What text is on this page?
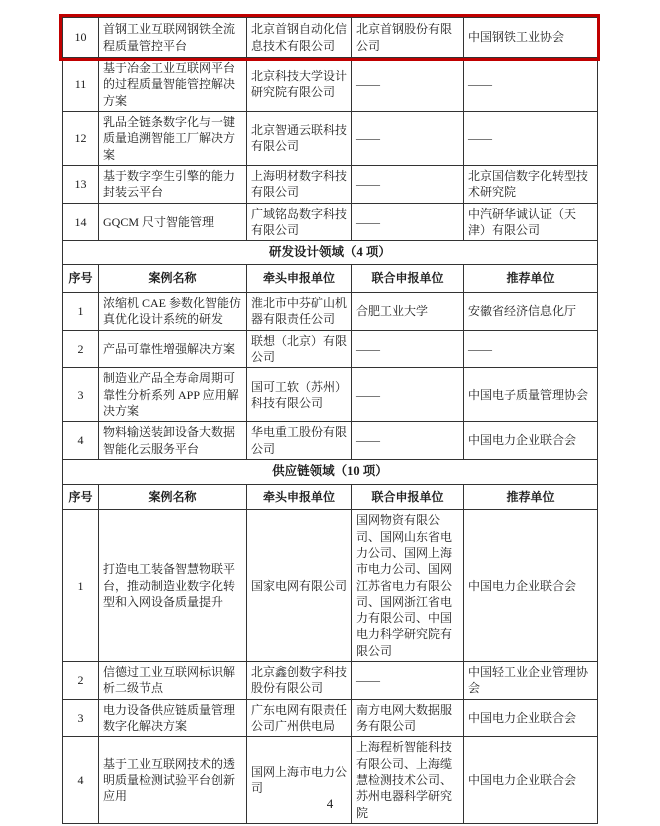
10	首钢工业互联网钢铁全流程质量管控平台	北京首钢自动化信息技术有限公司	北京首钢股份有限公司	中国钢铁工业协会
11	基于冶金工业互联网平台的过程质量智能管控解决方案	北京科技大学设计研究院有限公司	——	——
12	乳品全链条数字化与一键质量追溯智能工厂解决方案	北京智通云联科技有限公司	——	——
13	基于数字孪生引擎的能力封装云平台	上海明材数字科技有限公司	——	北京国信数字化转型技术研究院
14	GQCM 尺寸智能管理	广域铭岛数字科技有限公司	——	中汽研华诚认证（天津）有限公司
研发设计领域（4 项）				
序号	案例名称	牵头申报单位	联合申报单位	推荐单位
1	浓缩机 CAE 参数化智能仿真优化设计系统的研发	淮北市中芬矿山机器有限责任公司	合肥工业大学	安徽省经济信息化厅
2	产品可靠性增强解决方案	联想（北京）有限公司	——	——
3	制造业产品全寿命周期可靠性分析系列 APP 应用解决方案	国可工软（苏州）科技有限公司	——	中国电子质量管理协会
4	物料输送装卸设备大数据智能化云服务平台	华电重工股份有限公司	——	中国电力企业联合会
供应链领域（10 项）				
序号	案例名称	牵头申报单位	联合申报单位	推荐单位
1	打造电工装备智慧物联平台，推动制造业数字化转型和入网设备质量提升	国家电网有限公司	国网物资有限公司、国网山东省电力公司、国网上海市电力公司、国网江苏省电力有限公司、国网浙江省电力有限公司、中国电力科学研究院有限公司	中国电力企业联合会
2	信德过工业互联网标识解析二级节点	北京鑫创数字科技股份有限公司	——	中国轻工业企业管理协会
3	电力设备供应链质量管理数字化解决方案	广东电网有限责任公司广州供电局	南方电网大数据服务有限公司	中国电力企业联合会
4	基于工业互联网技术的透明质量检测试验平台创新应用	国网上海市电力公司	上海程析智能科技有限公司、上海缆慧检测技术公司、苏州电器科学研究院	中国电力企业联合会
4
